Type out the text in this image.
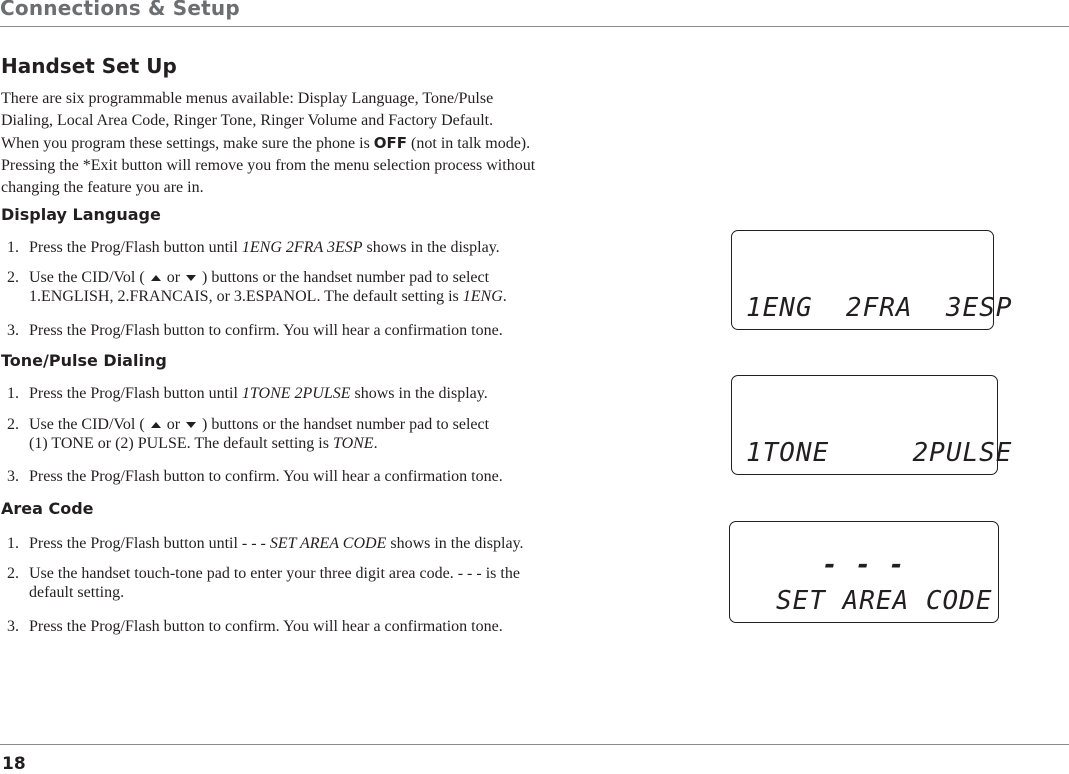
Connections & Setup
Handset Set Up
There are six programmable menus available: Display Language, Tone/Pulse
Dialing, Local Area Code, Ringer Tone, Ringer Volume and Factory Default.
When you program these settings, make sure the phone is OFF (not in talk mode).
Pressing the *Exit button will remove you from the menu selection process without
changing the feature you are in.
Display Language
1. Press the Prog/Flash button until 1ENG 2FRA 3ESP shows in the display.
2. Use the CID/Vol ( or ) buttons or the handset number pad to select
1.ENGLISH, 2.FRANCAIS, or 3.ESPANOL. The default setting is 1ENG.
3. Press the Prog/Flash button to confirm. You will hear a confirmation tone.
Tone/Pulse Dialing
1. Press the Prog/Flash button until 1TONE 2PULSE shows in the display.
2. Use the CID/Vol ( or ) buttons or the handset number pad to select
(1) TONE or (2) PULSE. The default setting is TONE.
3. Press the Prog/Flash button to confirm. You will hear a confirmation tone.
Area Code
1. Press the Prog/Flash button until - - - SET AREA CODE shows in the display.
2. Use the handset touch-tone pad to enter your three digit area code. - - - is the
default setting.
3. Press the Prog/Flash button to confirm. You will hear a confirmation tone.
1ENG  2FRA  3ESP
1TONE     2PULSE
- - -
SET AREA CODE
18
